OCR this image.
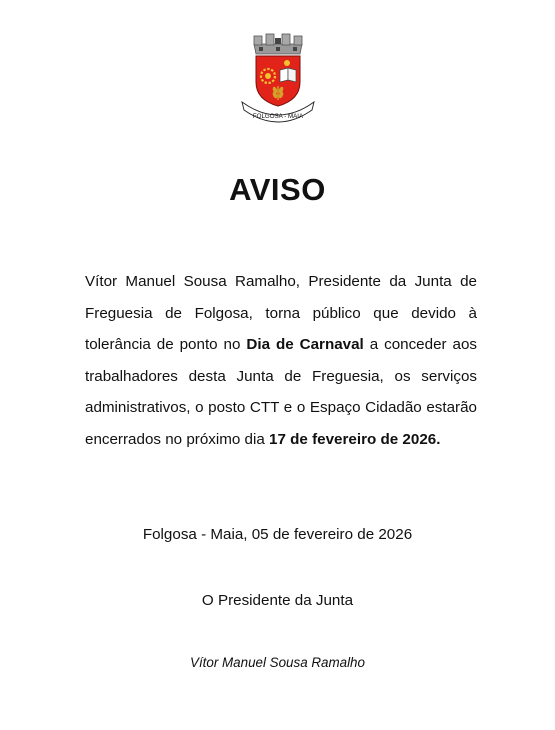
FOLGOSA - MAIA
AVISO

Vítor Manuel Sousa Ramalho, Presidente da Junta de Freguesia de Folgosa, torna público que devido à tolerância de ponto no Dia de Carnaval a conceder aos trabalhadores desta Junta de Freguesia, os serviços administrativos, o posto CTT e o Espaço Cidadão estarão encerrados no próximo dia 17 de fevereiro de 2026.

Folgosa - Maia, 05 de fevereiro de 2026

O Presidente da Junta

Vítor Manuel Sousa Ramalho
